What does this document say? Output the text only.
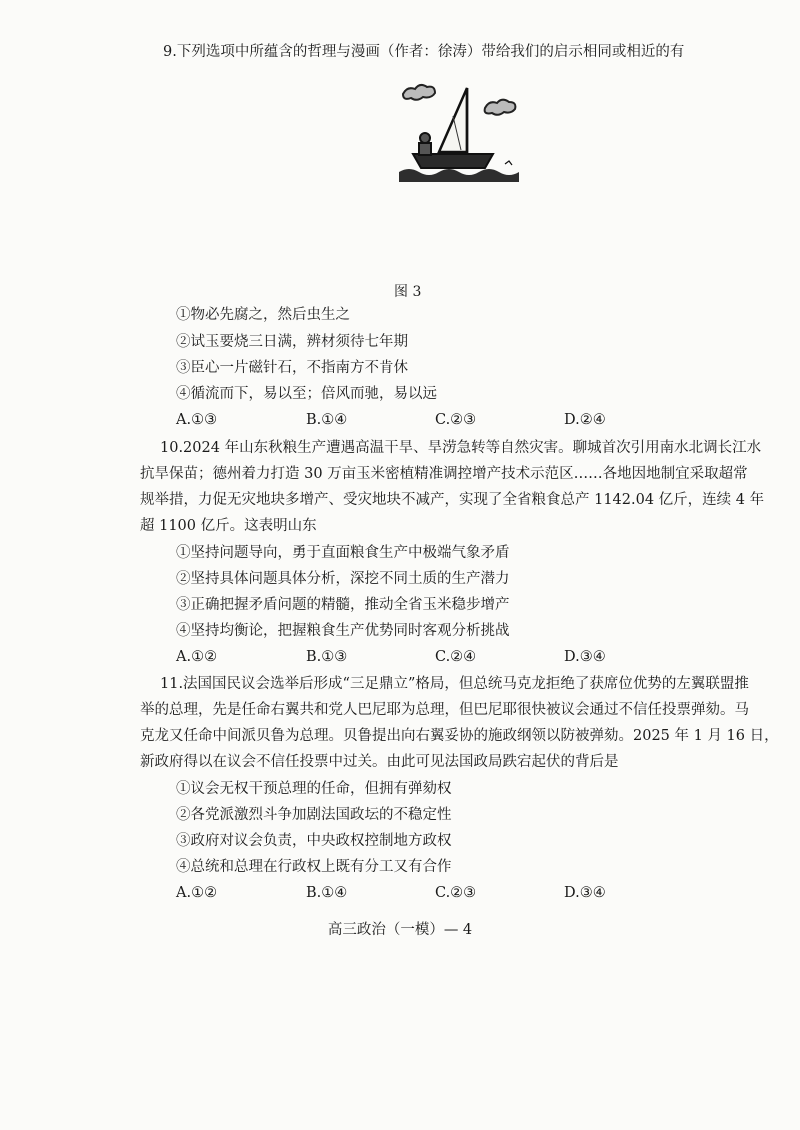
9.下列选项中所蕴含的哲理与漫画（作者：徐涛）带给我们的启示相同或相近的有
图 3
①物必先腐之，然后虫生之
②试玉要烧三日满，辨材须待七年期
③臣心一片磁针石，不指南方不肯休
④循流而下，易以至；倍风而驰，易以远
A.①③	B.①④	C.②③	D.②④
10.2024 年山东秋粮生产遭遇高温干旱、旱涝急转等自然灾害。聊城首次引用南水北调长江水
抗旱保苗；德州着力打造 30 万亩玉米密植精准调控增产技术示范区……各地因地制宜采取超常
规举措，力促无灾地块多增产、受灾地块不减产，实现了全省粮食总产 1142.04 亿斤，连续 4 年
超 1100 亿斤。这表明山东
①坚持问题导向，勇于直面粮食生产中极端气象矛盾
②坚持具体问题具体分析，深挖不同土质的生产潜力
③正确把握矛盾问题的精髓，推动全省玉米稳步增产
④坚持均衡论，把握粮食生产优势同时客观分析挑战
A.①②	B.①③	C.②④	D.③④
11.法国国民议会选举后形成“三足鼎立”格局，但总统马克龙拒绝了获席位优势的左翼联盟推
举的总理，先是任命右翼共和党人巴尼耶为总理，但巴尼耶很快被议会通过不信任投票弹劾。马
克龙又任命中间派贝鲁为总理。贝鲁提出向右翼妥协的施政纲领以防被弹劾。2025 年 1 月 16 日，
新政府得以在议会不信任投票中过关。由此可见法国政局跌宕起伏的背后是
①议会无权干预总理的任命，但拥有弹劾权
②各党派激烈斗争加剧法国政坛的不稳定性
③政府对议会负责，中央政权控制地方政权
④总统和总理在行政权上既有分工又有合作
A.①②	B.①④	C.②③	D.③④
高三政治（一模）— 4
